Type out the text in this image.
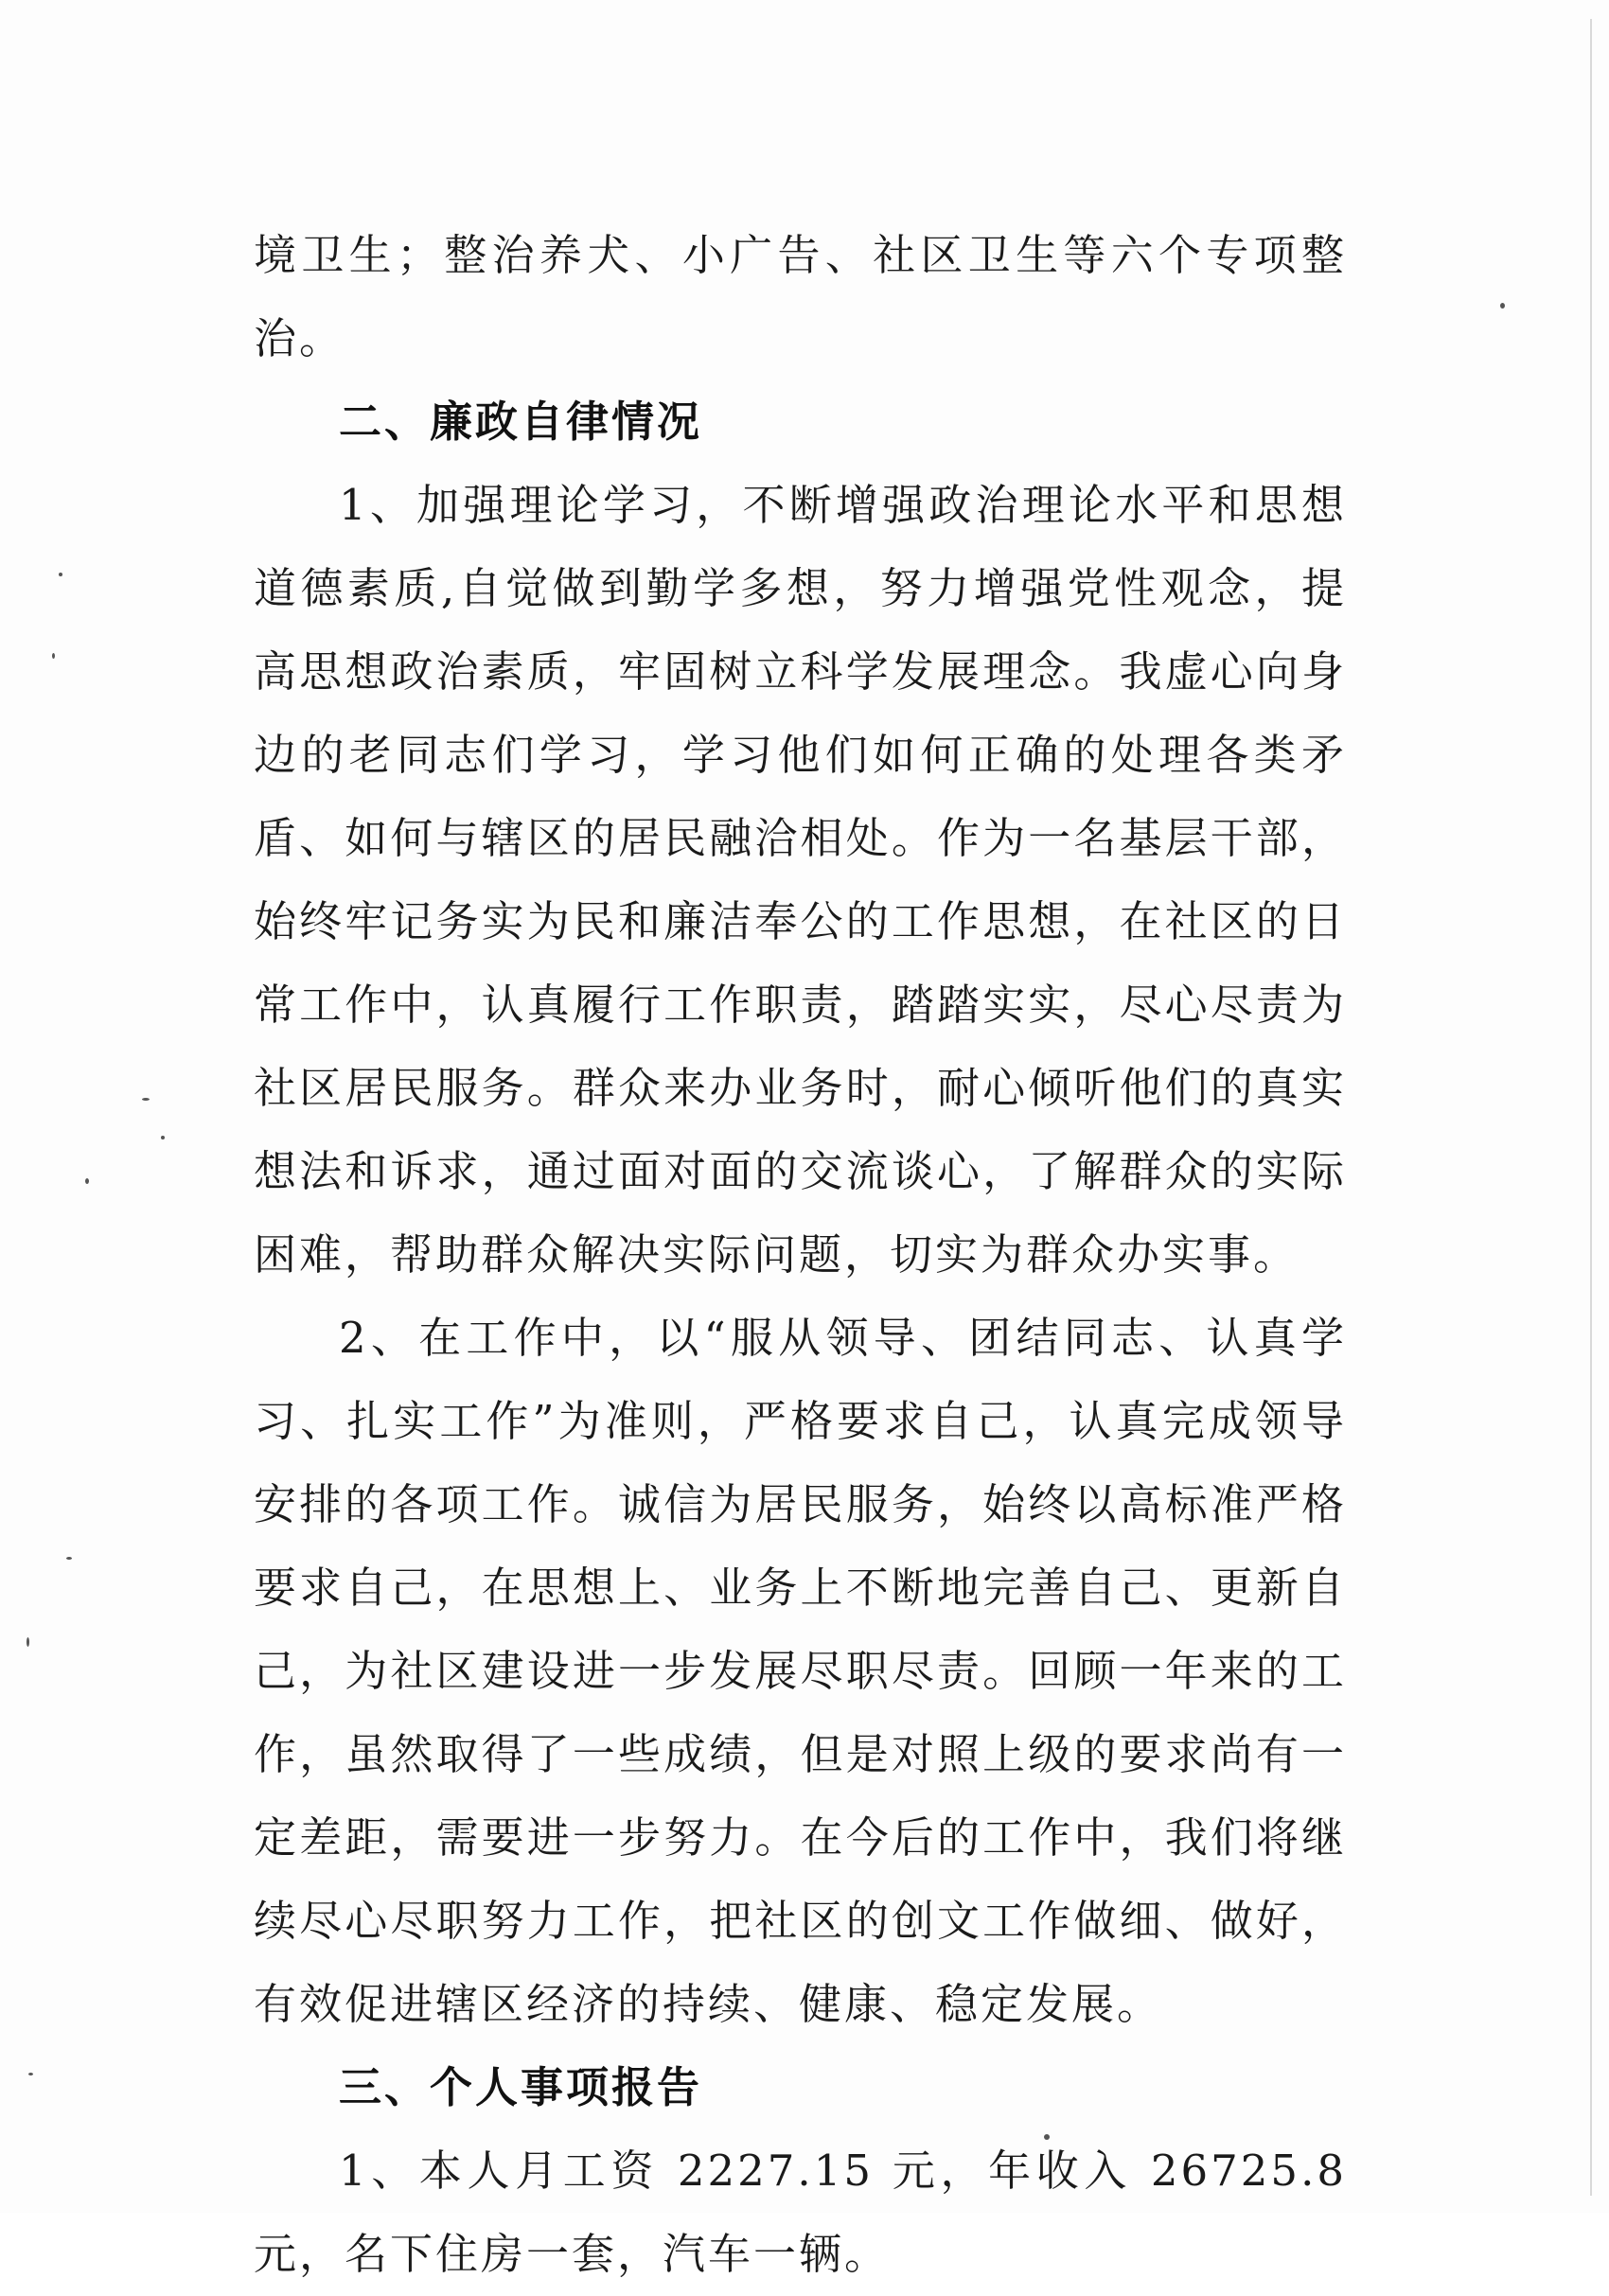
境卫生；整治养犬、小广告、社区卫生等六个专项整治。

二、廉政自律情况

1、加强理论学习，不断增强政治理论水平和思想道德素质,自觉做到勤学多想，努力增强党性观念，提高思想政治素质，牢固树立科学发展理念。我虚心向身边的老同志们学习，学习他们如何正确的处理各类矛盾、如何与辖区的居民融洽相处。作为一名基层干部，始终牢记务实为民和廉洁奉公的工作思想，在社区的日常工作中，认真履行工作职责，踏踏实实，尽心尽责为社区居民服务。群众来办业务时，耐心倾听他们的真实想法和诉求，通过面对面的交流谈心，了解群众的实际困难，帮助群众解决实际问题，切实为群众办实事。

2、在工作中，以“服从领导、团结同志、认真学习、扎实工作”为准则，严格要求自己，认真完成领导安排的各项工作。诚信为居民服务，始终以高标准严格要求自己，在思想上、业务上不断地完善自己、更新自己，为社区建设进一步发展尽职尽责。回顾一年来的工作，虽然取得了一些成绩，但是对照上级的要求尚有一定差距，需要进一步努力。在今后的工作中，我们将继续尽心尽职努力工作，把社区的创文工作做细、做好，有效促进辖区经济的持续、健康、稳定发展。

三、个人事项报告

1、本人月工资 2227.15 元，年收入 26725.8 元，名下住房一套，汽车一辆。
